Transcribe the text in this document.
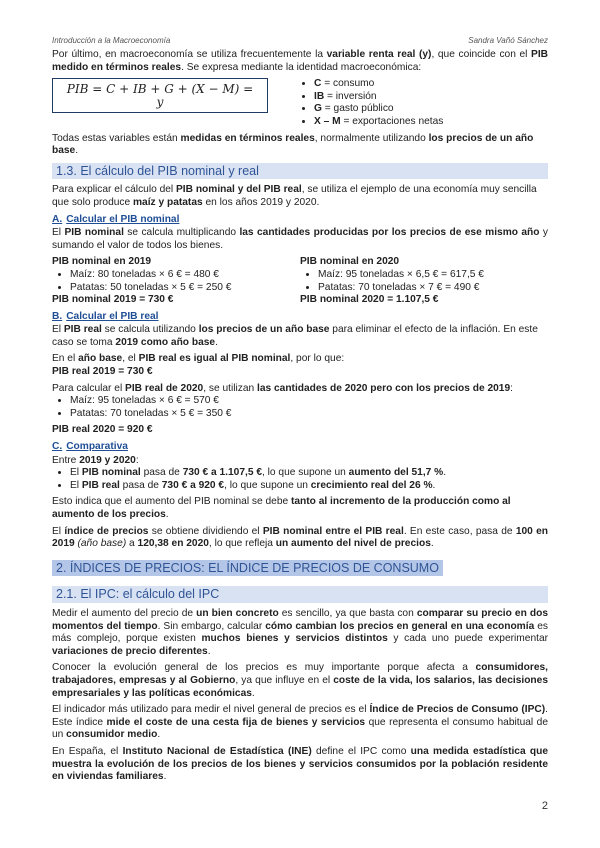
Introducción a la Macroeconomía	Sandra Vañó Sánchez

Por último, en macroeconomía se utiliza frecuentemente la variable renta real (y), que coincide con el PIB medido en términos reales. Se expresa mediante la identidad macroeconómica:

PIB = C + IB + G + (X − M) = y
• C = consumo
• IB = inversión
• G = gasto público
• X – M = exportaciones netas

Todas estas variables están medidas en términos reales, normalmente utilizando los precios de un año base.

1.3. El cálculo del PIB nominal y real

Para explicar el cálculo del PIB nominal y del PIB real, se utiliza el ejemplo de una economía muy sencilla que solo produce maíz y patatas en los años 2019 y 2020.

A. Calcular el PIB nominal

El PIB nominal se calcula multiplicando las cantidades producidas por los precios de ese mismo año y sumando el valor de todos los bienes.

PIB nominal en 2019
• Maíz: 80 toneladas × 6 € = 480 €
• Patatas: 50 toneladas × 5 € = 250 €
PIB nominal 2019 = 730 €
PIB nominal en 2020
• Maíz: 95 toneladas × 6,5 € = 617,5 €
• Patatas: 70 toneladas × 7 € = 490 €
PIB nominal 2020 = 1.107,5 €
B. Calcular el PIB real

El PIB real se calcula utilizando los precios de un año base para eliminar el efecto de la inflación. En este caso se toma 2019 como año base.

En el año base, el PIB real es igual al PIB nominal, por lo que:
PIB real 2019 = 730 €

Para calcular el PIB real de 2020, se utilizan las cantidades de 2020 pero con los precios de 2019:

• Maíz: 95 toneladas × 6 € = 570 €
• Patatas: 70 toneladas × 5 € = 350 €

PIB real 2020 = 920 €

C. Comparativa

Entre 2019 y 2020:

• El PIB nominal pasa de 730 € a 1.107,5 €, lo que supone un aumento del 51,7 %.
• El PIB real pasa de 730 € a 920 €, lo que supone un crecimiento real del 26 %.

Esto indica que el aumento del PIB nominal se debe tanto al incremento de la producción como al aumento de los precios.

El índice de precios se obtiene dividiendo el PIB nominal entre el PIB real. En este caso, pasa de 100 en 2019 (año base) a 120,38 en 2020, lo que refleja un aumento del nivel de precios.

2. ÍNDICES DE PRECIOS: EL ÍNDICE DE PRECIOS DE CONSUMO
2.1. El IPC: el cálculo del IPC

Medir el aumento del precio de un bien concreto es sencillo, ya que basta con comparar su precio en dos momentos del tiempo. Sin embargo, calcular cómo cambian los precios en general en una economía es más complejo, porque existen muchos bienes y servicios distintos y cada uno puede experimentar variaciones de precio diferentes.

Conocer la evolución general de los precios es muy importante porque afecta a consumidores, trabajadores, empresas y al Gobierno, ya que influye en el coste de la vida, los salarios, las decisiones empresariales y las políticas económicas.

El indicador más utilizado para medir el nivel general de precios es el Índice de Precios de Consumo (IPC). Este índice mide el coste de una cesta fija de bienes y servicios que representa el consumo habitual de un consumidor medio.

En España, el Instituto Nacional de Estadística (INE) define el IPC como una medida estadística que muestra la evolución de los precios de los bienes y servicios consumidos por la población residente en viviendas familiares.

2
